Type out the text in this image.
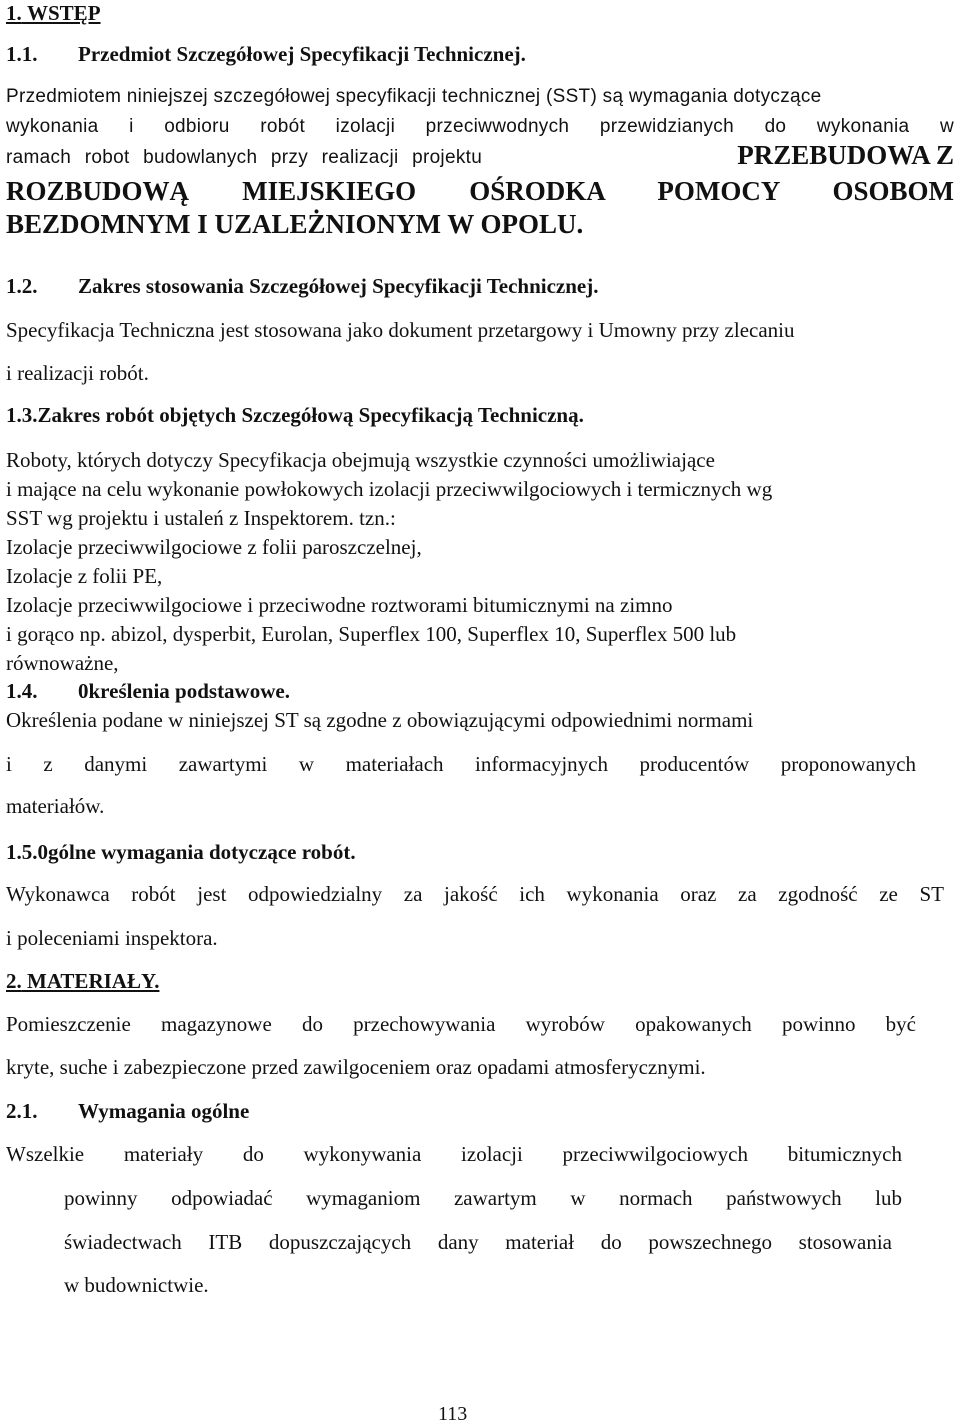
1. WSTĘP
1.1. Przedmiot Szczegółowej Specyfikacji Technicznej.
Przedmiotem niniejszej szczegółowej specyfikacji technicznej (SST) są wymagania dotyczące
wykonania i odbioru robót izolacji przeciwwodnych przewidzianych do wykonania w
ramach robot budowlanych przy realizacji projektu	PRZEBUDOWA Z
ROZBUDOWĄ MIEJSKIEGO OŚRODKA POMOCY OSOBOM
BEZDOMNYM I UZALEŻNIONYM W OPOLU.
1.2. Zakres stosowania Szczegółowej Specyfikacji Technicznej.
Specyfikacja Techniczna jest stosowana jako dokument przetargowy i Umowny przy zlecaniu
i realizacji robót.
1.3.Zakres robót objętych Szczegółową Specyfikacją Techniczną.
Roboty, których dotyczy Specyfikacja obejmują wszystkie czynności umożliwiające
i mające na celu wykonanie powłokowych izolacji przeciwwilgociowych i termicznych wg
SST wg projektu i ustaleń z Inspektorem. tzn.:
Izolacje przeciwwilgociowe z folii paroszczelnej,
Izolacje z folii PE,
Izolacje przeciwwilgociowe i przeciwodne roztworami bitumicznymi na zimno
i gorąco np. abizol, dysperbit, Eurolan, Superflex 100, Superflex 10, Superflex 500 lub
równoważne,
1.4. 0kreślenia podstawowe.
Określenia podane w niniejszej ST są zgodne z obowiązującymi odpowiednimi normami
i z danymi zawartymi w materiałach informacyjnych producentów proponowanych
materiałów.
1.5.0gólne wymagania dotyczące robót.
Wykonawca robót jest odpowiedzialny za jakość ich wykonania oraz za zgodność ze ST
i poleceniami inspektora.
2. MATERIAŁY.
Pomieszczenie magazynowe do przechowywania wyrobów opakowanych powinno być
kryte, suche i zabezpieczone przed zawilgoceniem oraz opadami atmosferycznymi.
2.1. Wymagania ogólne
Wszelkie materiały do wykonywania izolacji przeciwwilgociowych bitumicznych
powinny odpowiadać wymaganiom zawartym w normach państwowych lub
świadectwach ITB dopuszczających dany materiał do powszechnego stosowania
w budownictwie.
113
